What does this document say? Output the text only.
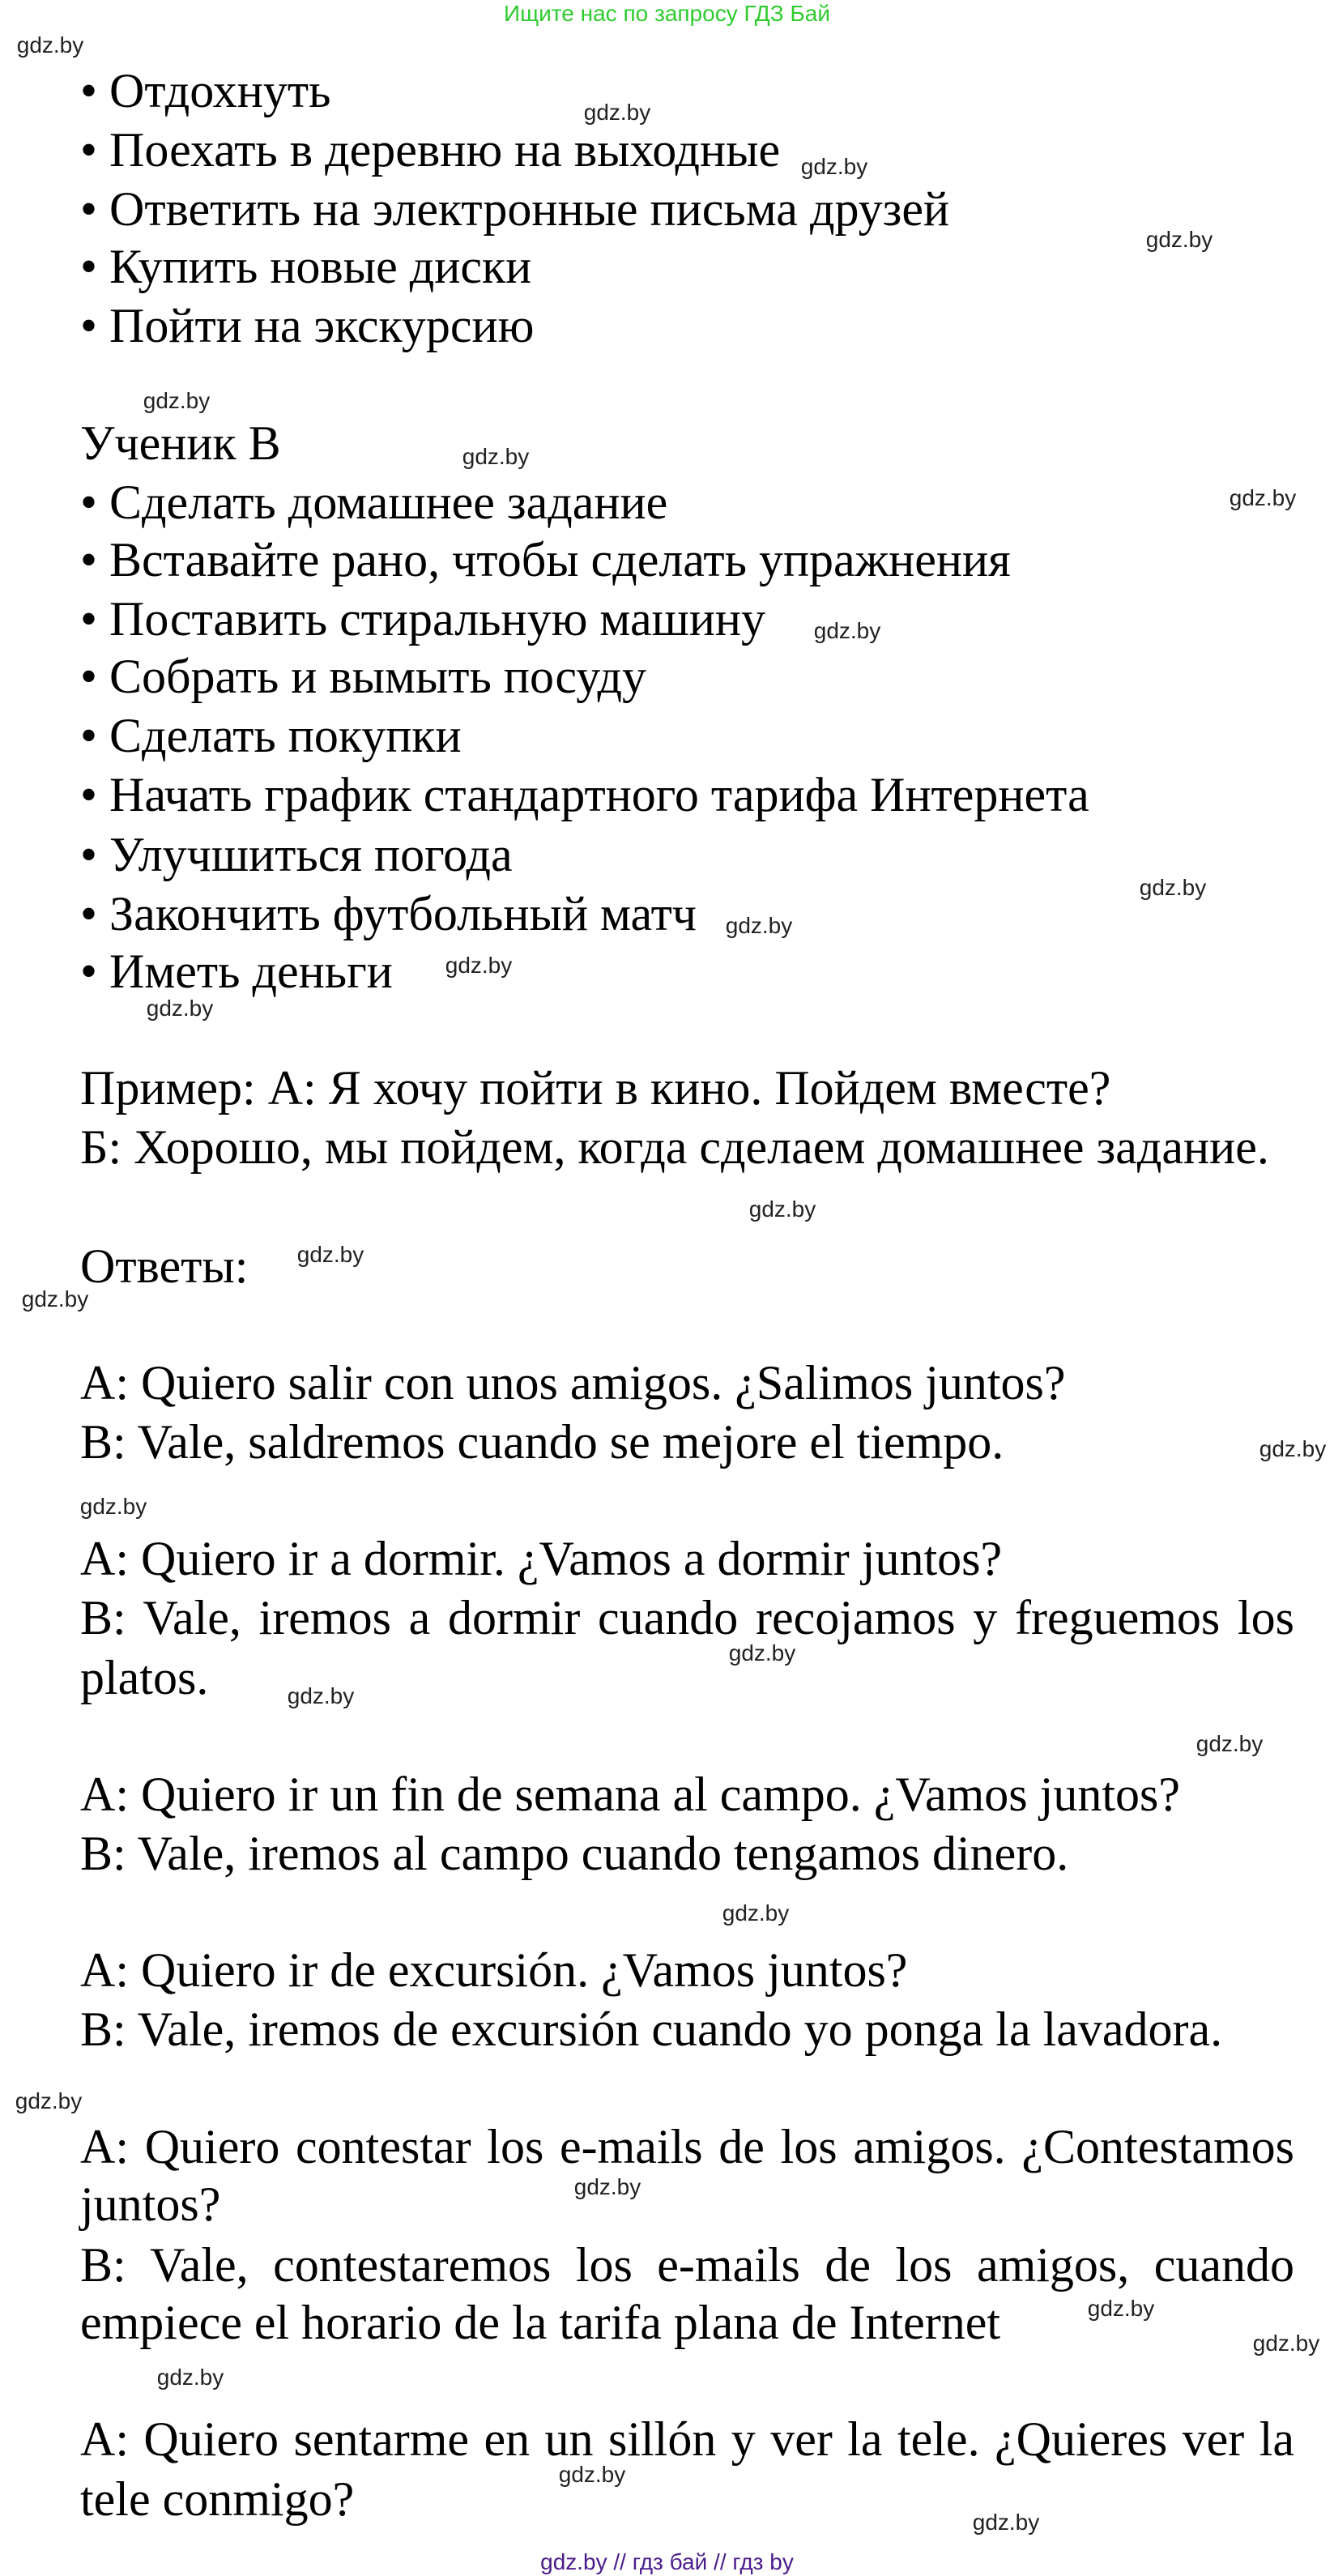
Ищите нас по запросу ГДЗ Бай
• Отдохнуть
• Поехать в деревню на выходные
• Ответить на электронные письма друзей
• Купить новые диски
• Пойти на экскурсию
Ученик B
• Сделать домашнее задание
• Вставайте рано, чтобы сделать упражнения
• Поставить стиральную машину
• Собрать и вымыть посуду
• Сделать покупки
• Начать график стандартного тарифа Интернета
• Улучшиться погода
• Закончить футбольный матч
• Иметь деньги
Пример: А: Я хочу пойти в кино. Пойдем вместе?
Б: Хорошо, мы пойдем, когда сделаем домашнее задание.
Ответы:
A: Quiero salir con unos amigos. ¿Salimos juntos?
B: Vale, saldremos cuando se mejore el tiempo.
A: Quiero ir a dormir. ¿Vamos a dormir juntos?
B: Vale, iremos a dormir cuando recojamos y freguemos los
platos.
A: Quiero ir un fin de semana al campo. ¿Vamos juntos?
B: Vale, iremos al campo cuando tengamos dinero.
A: Quiero ir de excursión. ¿Vamos juntos?
B: Vale, iremos de excursión cuando yo ponga la lavadora.
A: Quiero contestar los e-mails de los amigos. ¿Contestamos
juntos?
B: Vale, contestaremos los e-mails de los amigos, cuando
empiece el horario de la tarifa plana de Internet
A: Quiero sentarme en un sillón y ver la tele. ¿Quieres ver la
tele conmigo?
gdz.by
gdz.by
gdz.by
gdz.by
gdz.by
gdz.by
gdz.by
gdz.by
gdz.by
gdz.by
gdz.by
gdz.by
gdz.by
gdz.by
gdz.by
gdz.by
gdz.by
gdz.by
gdz.by
gdz.by
gdz.by
gdz.by
gdz.by
gdz.by
gdz.by
gdz.by
gdz.by
gdz.by
gdz.by // гдз бай // гдз by
